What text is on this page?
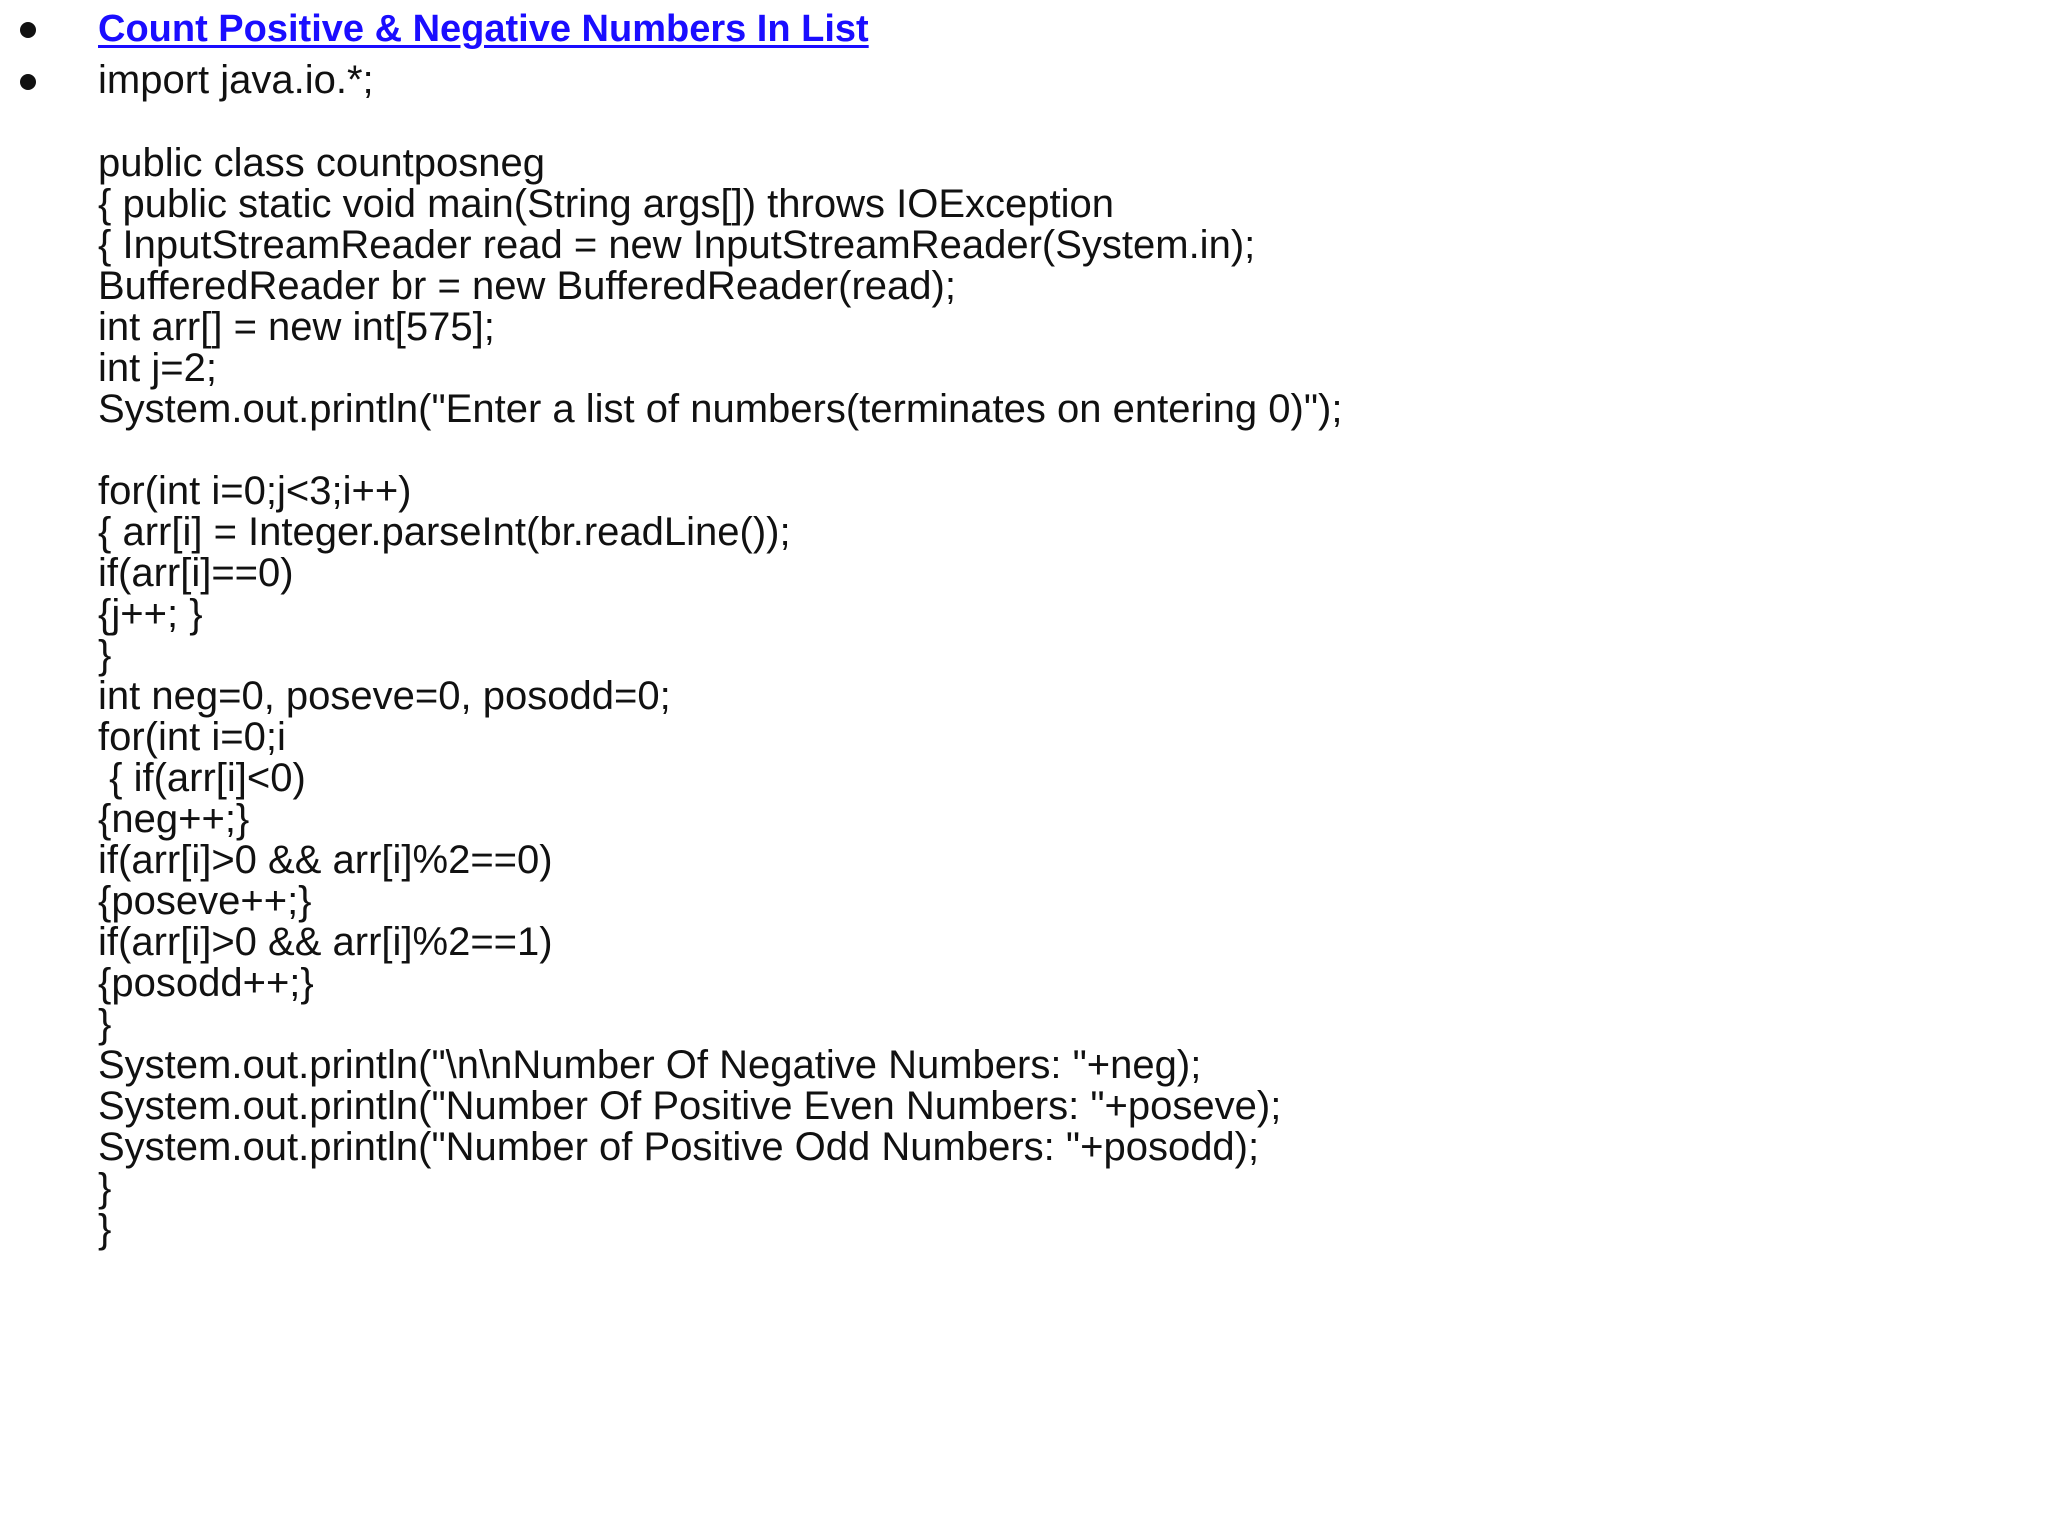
Count Positive & Negative Numbers In List
import java.io.*;
public class countposneg
{ public static void main(String args[]) throws IOException
{ InputStreamReader read = new InputStreamReader(System.in);
BufferedReader br = new BufferedReader(read);
int arr[] = new int[575];
int j=2;
System.out.println("Enter a list of numbers(terminates on entering 0)");
for(int i=0;j<3;i++)
{ arr[i] = Integer.parseInt(br.readLine());
if(arr[i]==0)
{j++; }
}
int neg=0, poseve=0, posodd=0;
for(int i=0;i
{ if(arr[i]<0)
{neg++;}
if(arr[i]>0 && arr[i]%2==0)
{poseve++;}
if(arr[i]>0 && arr[i]%2==1)
{posodd++;}
}
System.out.println("\n\nNumber Of Negative Numbers: "+neg);
System.out.println("Number Of Positive Even Numbers: "+poseve);
System.out.println("Number of Positive Odd Numbers: "+posodd);
}
}
